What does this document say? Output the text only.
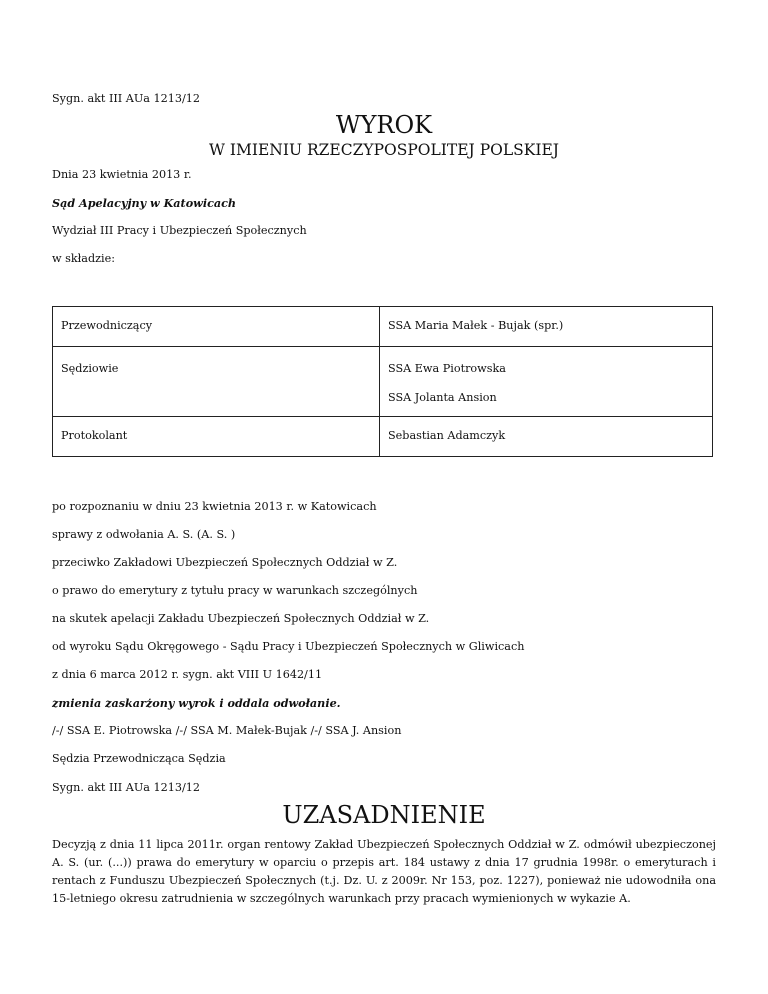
Sygn. akt III AUa 1213/12
WYROK
W IMIENIU RZECZYPOSPOLITEJ POLSKIEJ
Dnia 23 kwietnia 2013 r.
Sąd Apelacyjny w Katowicach
Wydział III Pracy i Ubezpieczeń Społecznych
w składzie:
Przewodniczący	SSA Maria Małek - Bujak (spr.)
Sędziowie	SSA Ewa Piotrowska
SSA Jolanta Ansion

Protokolant	Sebastian Adamczyk
po rozpoznaniu w dniu 23 kwietnia 2013 r. w Katowicach
sprawy z odwołania A. S. (A. S. )
przeciwko Zakładowi Ubezpieczeń Społecznych Oddział w Z.
o prawo do emerytury z tytułu pracy w warunkach szczególnych
na skutek apelacji Zakładu Ubezpieczeń Społecznych Oddział w Z.
od wyroku Sądu Okręgowego - Sądu Pracy i Ubezpieczeń Społecznych w Gliwicach
z dnia 6 marca 2012 r. sygn. akt VIII U 1642/11
zmienia zaskarżony wyrok i oddala odwołanie.
/-/ SSA E. Piotrowska /-/ SSA M. Małek-Bujak /-/ SSA J. Ansion
Sędzia Przewodnicząca Sędzia
Sygn. akt III AUa 1213/12
UZASADNIENIE
Decyzją z dnia 11 lipca 2011r. organ rentowy Zakład Ubezpieczeń Społecznych Oddział w Z. odmówił ubezpieczonej A. S. (ur. (...)) prawa do emerytury w oparciu o przepis art. 184 ustawy z dnia 17 grudnia 1998r. o emeryturach i rentach z Funduszu Ubezpieczeń Społecznych (t.j. Dz. U. z 2009r. Nr 153, poz. 1227), ponieważ nie udowodniła ona 15-letniego okresu zatrudnienia w szczególnych warunkach przy pracach wymienionych w wykazie A.
